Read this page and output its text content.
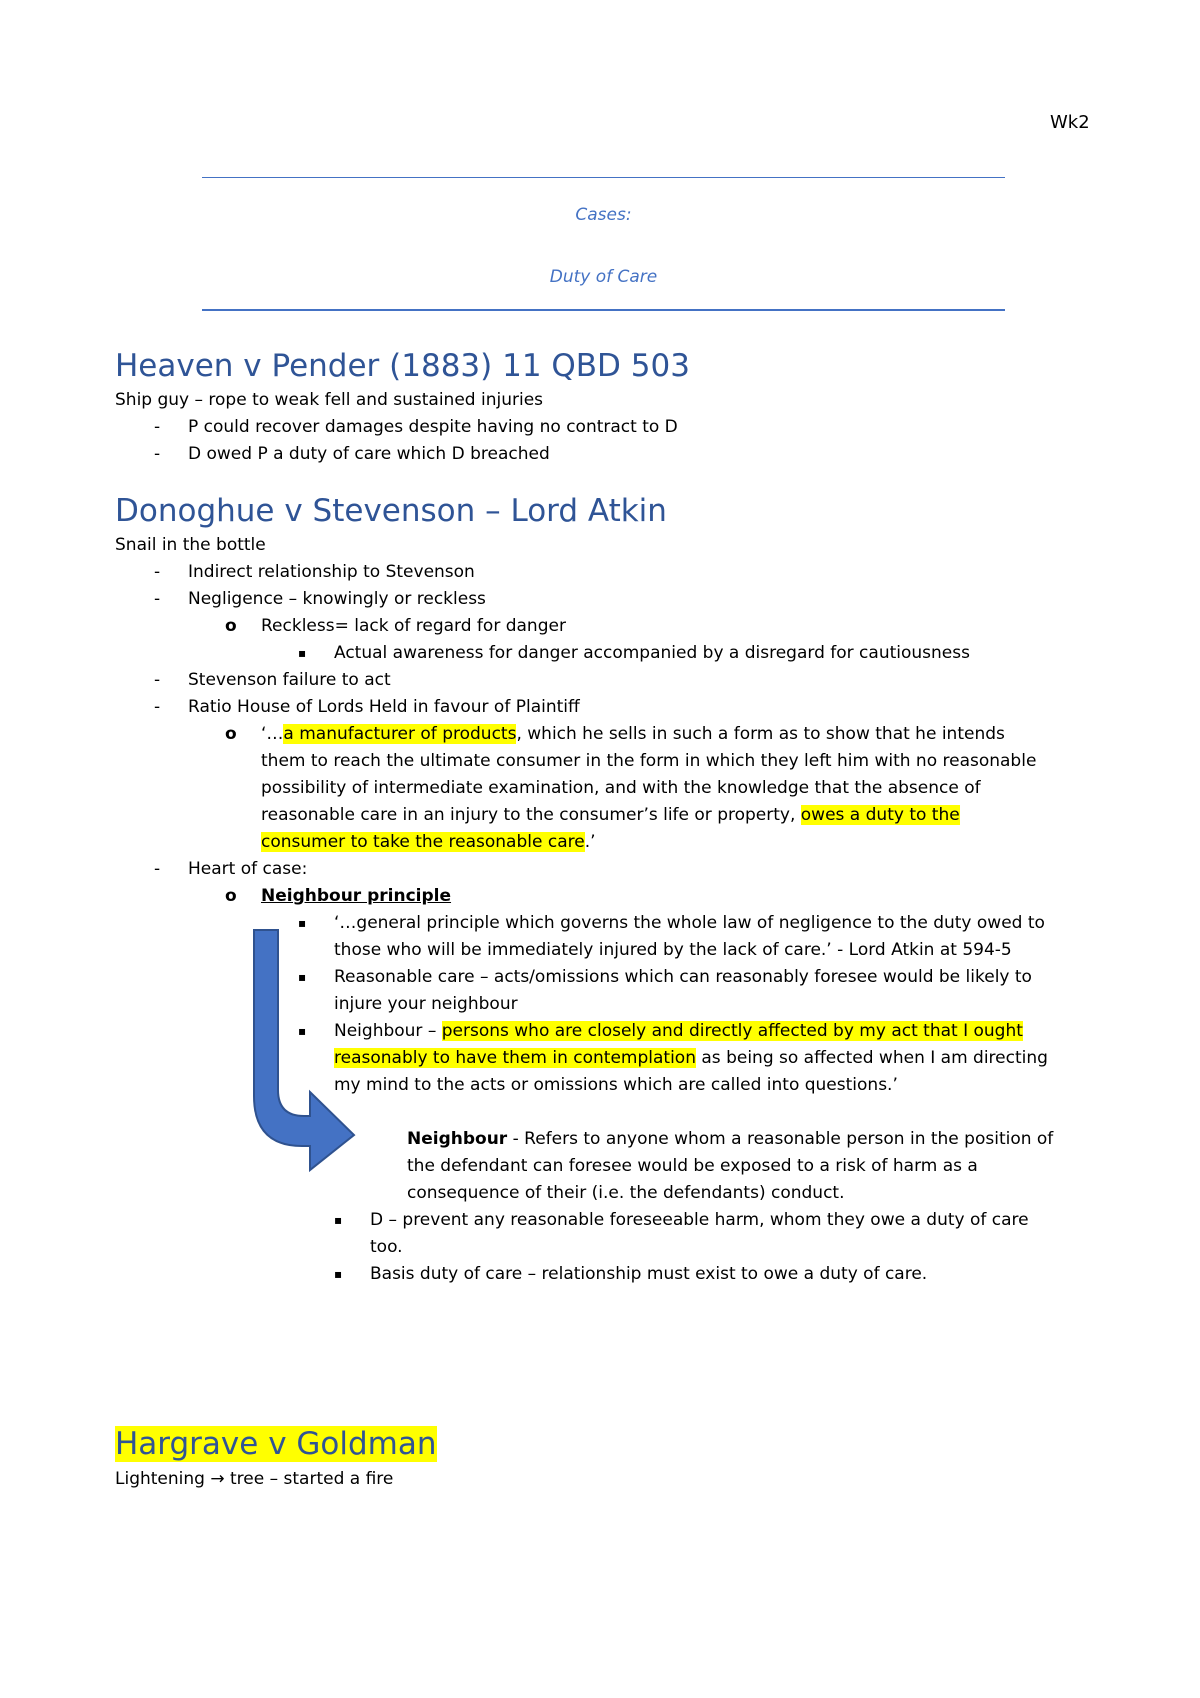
Wk2
Cases:
Duty of Care
Heaven v Pender (1883) 11 QBD 503
Ship guy – rope to weak fell and sustained injuries
- P could recover damages despite having no contract to D
- D owed P a duty of care which D breached
Donoghue v Stevenson – Lord Atkin
Snail in the bottle
- Indirect relationship to Stevenson
- Negligence – knowingly or reckless
o Reckless= lack of regard for danger
▪ Actual awareness for danger accompanied by a disregard for cautiousness
- Stevenson failure to act
- Ratio House of Lords Held in favour of Plaintiff
o ‘…a manufacturer of products, which he sells in such a form as to show that he intends
them to reach the ultimate consumer in the form in which they left him with no reasonable
possibility of intermediate examination, and with the knowledge that the absence of
reasonable care in an injury to the consumer’s life or property, owes a duty to the
consumer to take the reasonable care.’
- Heart of case:
o Neighbour principle
▪ ‘…general principle which governs the whole law of negligence to the duty owed to
those who will be immediately injured by the lack of care.’ - Lord Atkin at 594-5
▪ Reasonable care – acts/omissions which can reasonably foresee would be likely to
injure your neighbour
▪ Neighbour – persons who are closely and directly affected by my act that I ought
reasonably to have them in contemplation as being so affected when I am directing
my mind to the acts or omissions which are called into questions.’
Neighbour - Refers to anyone whom a reasonable person in the position of
the defendant can foresee would be exposed to a risk of harm as a
consequence of their (i.e. the defendants) conduct.
▪ D – prevent any reasonable foreseeable harm, whom they owe a duty of care
too.
▪ Basis duty of care – relationship must exist to owe a duty of care.
Hargrave v Goldman
Lightening → tree – started a fire
